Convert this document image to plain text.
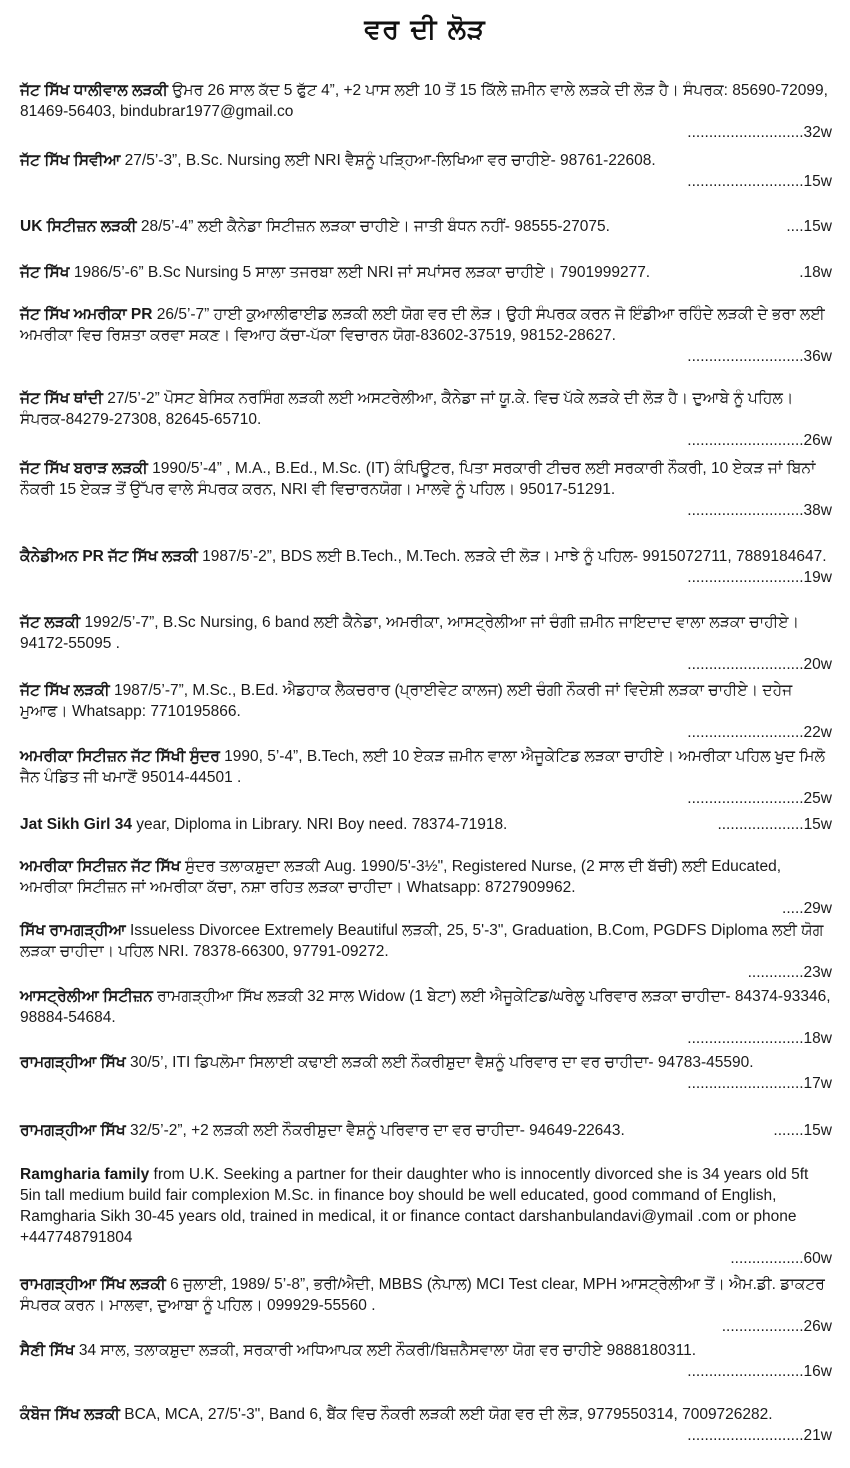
ਵਰ ਦੀ ਲੋੜ

ਜੱਟ ਸਿੱਖ ਧਾਲੀਵਾਲ ਲੜਕੀ ਉਮਰ 26 ਸਾਲ ਕੱਦ 5 ਫੁੱਟ 4”, +2 ਪਾਸ ਲਈ 10 ਤੋਂ 15 ਕਿੱਲੇ ਜ਼ਮੀਨ ਵਾਲੇ ਲੜਕੇ ਦੀ ਲੋੜ ਹੈ। ਸੰਪਰਕ: 85690-72099, 81469-56403, bindubrar1977@gmail.co

...........................32w

ਜੱਟ ਸਿੱਖ ਸਿਵੀਆ 27/5’-3”, B.Sc. Nursing ਲਈ NRI ਵੈਸ਼ਨੂੰ ਪੜ੍ਹਿਆ-ਲਿਖਿਆ ਵਰ ਚਾਹੀਏ- 98761-22608.

...........................15w

UK ਸਿਟੀਜ਼ਨ ਲੜਕੀ 28/5’-4” ਲਈ ਕੈਨੇਡਾ ਸਿਟੀਜ਼ਨ ਲੜਕਾ ਚਾਹੀਏ। ਜਾਤੀ ਬੰਧਨ ਨਹੀਂ- 98555-27075.	....15w

ਜੱਟ ਸਿੱਖ 1986/5’-6” B.Sc Nursing 5 ਸਾਲਾ ਤਜਰਬਾ ਲਈ NRI ਜਾਂ ਸਪਾਂਸਰ ਲੜਕਾ ਚਾਹੀਏ। 7901999277.	.18w

ਜੱਟ ਸਿੱਖ ਅਮਰੀਕਾ PR 26/5’-7” ਹਾਈ ਕੁਆਲੀਫਾਈਡ ਲੜਕੀ ਲਈ ਯੋਗ ਵਰ ਦੀ ਲੋੜ। ਉਹੀ ਸੰਪਰਕ ਕਰਨ ਜੋ ਇੰਡੀਆ ਰਹਿੰਦੇ ਲੜਕੀ ਦੇ ਭਰਾ ਲਈ ਅਮਰੀਕਾ ਵਿਚ ਰਿਸ਼ਤਾ ਕਰਵਾ ਸਕਣ। ਵਿਆਹ ਕੱਚਾ-ਪੱਕਾ ਵਿਚਾਰਨ ਯੋਗ-83602-37519, 98152-28627.

...........................36w

ਜੱਟ ਸਿੱਖ ਥਾਂਦੀ 27/5’-2” ਪੋਸਟ ਬੇਸਿਕ ਨਰਸਿੰਗ ਲੜਕੀ ਲਈ ਅਸਟਰੇਲੀਆ, ਕੈਨੇਡਾ ਜਾਂ ਯੂ.ਕੇ. ਵਿਚ ਪੱਕੇ ਲੜਕੇ ਦੀ ਲੋੜ ਹੈ। ਦੁਆਬੇ ਨੂੰ ਪਹਿਲ। ਸੰਪਰਕ-84279-27308, 82645-65710.

...........................26w

ਜੱਟ ਸਿੱਖ ਬਰਾੜ ਲੜਕੀ 1990/5’-4” , M.A., B.Ed., M.Sc. (IT) ਕੰਪਿਊਟਰ, ਪਿਤਾ ਸਰਕਾਰੀ ਟੀਚਰ ਲਈ ਸਰਕਾਰੀ ਨੌਕਰੀ, 10 ਏਕੜ ਜਾਂ ਬਿਨਾਂ ਨੌਕਰੀ 15 ਏਕੜ ਤੋਂ ਉੱਪਰ ਵਾਲੇ ਸੰਪਰਕ ਕਰਨ, NRI ਵੀ ਵਿਚਾਰਨਯੋਗ। ਮਾਲਵੇ ਨੂੰ ਪਹਿਲ। 95017-51291.

...........................38w

ਕੈਨੇਡੀਅਨ PR ਜੱਟ ਸਿੱਖ ਲੜਕੀ 1987/5’-2”, BDS ਲਈ B.Tech., M.Tech. ਲੜਕੇ ਦੀ ਲੋੜ। ਮਾਝੇ ਨੂੰ ਪਹਿਲ- 9915072711, 7889184647.

...........................19w

ਜੱਟ ਲੜਕੀ 1992/5’-7”, B.Sc Nursing, 6 band ਲਈ ਕੈਨੇਡਾ, ਅਮਰੀਕਾ, ਆਸਟ੍ਰੇਲੀਆ ਜਾਂ ਚੰਗੀ ਜ਼ਮੀਨ ਜਾਇਦਾਦ ਵਾਲਾ ਲੜਕਾ ਚਾਹੀਏ। 94172-55095 .

...........................20w

ਜੱਟ ਸਿੱਖ ਲੜਕੀ 1987/5’-7”, M.Sc., B.Ed. ਐਡਹਾਕ ਲੈਕਚਰਾਰ (ਪ੍ਰਾਈਵੇਟ ਕਾਲਜ) ਲਈ ਚੰਗੀ ਨੌਕਰੀ ਜਾਂ ਵਿਦੇਸ਼ੀ ਲੜਕਾ ਚਾਹੀਏ। ਦਹੇਜ ਮੁਆਫ। Whatsapp: 7710195866.

...........................22w

ਅਮਰੀਕਾ ਸਿਟੀਜ਼ਨ ਜੱਟ ਸਿੱਖੀ ਸੁੰਦਰ 1990, 5’-4”, B.Tech, ਲਈ 10 ਏਕੜ ਜ਼ਮੀਨ ਵਾਲਾ ਐਜੂਕੇਟਿਡ ਲੜਕਾ ਚਾਹੀਏ। ਅਮਰੀਕਾ ਪਹਿਲ ਖੁਦ ਮਿਲੋ ਜੈਨ ਪੰਡਿਤ ਜੀ ਖਮਾਣੋਂ 95014-44501 .

...........................25w

Jat Sikh Girl 34 year, Diploma in Library. NRI Boy need. 78374-71918.	....................15w

ਅਮਰੀਕਾ ਸਿਟੀਜ਼ਨ ਜੱਟ ਸਿੱਖ ਸੁੰਦਰ ਤਲਾਕਸ਼ੁਦਾ ਲੜਕੀ Aug. 1990/5'-3½", Registered Nurse, (2 ਸਾਲ ਦੀ ਬੱਚੀ) ਲਈ Educated, ਅਮਰੀਕਾ ਸਿਟੀਜ਼ਨ ਜਾਂ ਅਮਰੀਕਾ ਕੱਚਾ, ਨਸ਼ਾ ਰਹਿਤ ਲੜਕਾ ਚਾਹੀਦਾ। Whatsapp: 8727909962.

.....29w

ਸਿੱਖ ਰਾਮਗੜ੍ਹੀਆ Issueless Divorcee Extremely Beautiful ਲੜਕੀ, 25, 5'-3", Graduation, B.Com, PGDFS Diploma ਲਈ ਯੋਗ ਲੜਕਾ ਚਾਹੀਦਾ। ਪਹਿਲ NRI. 78378-66300, 97791-09272.

.............23w

ਆਸਟ੍ਰੇਲੀਆ ਸਿਟੀਜ਼ਨ ਰਾਮਗੜ੍ਹੀਆ ਸਿੱਖ ਲੜਕੀ 32 ਸਾਲ Widow (1 ਬੇਟਾ) ਲਈ ਐਜੂਕੇਟਿਡ/ਘਰੇਲੂ ਪਰਿਵਾਰ ਲੜਕਾ ਚਾਹੀਦਾ- 84374-93346, 98884-54684.

...........................18w

ਰਾਮਗੜ੍ਹੀਆ ਸਿੱਖ 30/5’, ITI ਡਿਪਲੋਮਾ ਸਿਲਾਈ ਕਢਾਈ ਲੜਕੀ ਲਈ ਨੌਕਰੀਸ਼ੁਦਾ ਵੈਸ਼ਨੂੰ ਪਰਿਵਾਰ ਦਾ ਵਰ ਚਾਹੀਦਾ- 94783-45590.

...........................17w

ਰਾਮਗੜ੍ਹੀਆ ਸਿੱਖ 32/5’-2”, +2 ਲੜਕੀ ਲਈ ਨੌਕਰੀਸ਼ੁਦਾ ਵੈਸ਼ਨੂੰ ਪਰਿਵਾਰ ਦਾ ਵਰ ਚਾਹੀਦਾ- 94649-22643.	.......15w

Ramgharia family from U.K. Seeking a partner for their daughter who is innocently divorced she is 34 years old 5ft 5in tall medium build fair complexion M.Sc. in finance boy should be well educated, good command of English, Ramgharia Sikh 30-45 years old, trained in medical, it or finance contact darshanbulandavi@ymail .com or phone +447748791804

.................60w

ਰਾਮਗੜ੍ਹੀਆ ਸਿੱਖ ਲੜਕੀ 6 ਜੁਲਾਈ, 1989/ 5’-8”, ਭਰੀ/ਐਦੀ, MBBS (ਨੇਪਾਲ) MCI Test clear, MPH ਆਸਟ੍ਰੇਲੀਆ ਤੋਂ। ਐਮ.ਡੀ. ਡਾਕਟਰ ਸੰਪਰਕ ਕਰਨ। ਮਾਲਵਾ, ਦੁਆਬਾ ਨੂੰ ਪਹਿਲ। 099929-55560 .

...................26w

ਸੈਣੀ ਸਿੱਖ 34 ਸਾਲ, ਤਲਾਕਸ਼ੁਦਾ ਲੜਕੀ, ਸਰਕਾਰੀ ਅਧਿਆਪਕ ਲਈ ਨੌਕਰੀ/ਬਿਜ਼ਨੈਸਵਾਲਾ ਯੋਗ ਵਰ ਚਾਹੀਏ 9888180311.

...........................16w

ਕੰਬੋਜ ਸਿੱਖ ਲੜਕੀ BCA, MCA, 27/5'-3", Band 6, ਬੈਂਕ ਵਿਚ ਨੌਕਰੀ ਲੜਕੀ ਲਈ ਯੋਗ ਵਰ ਦੀ ਲੋੜ, 9779550314, 7009726282.

...........................21w
